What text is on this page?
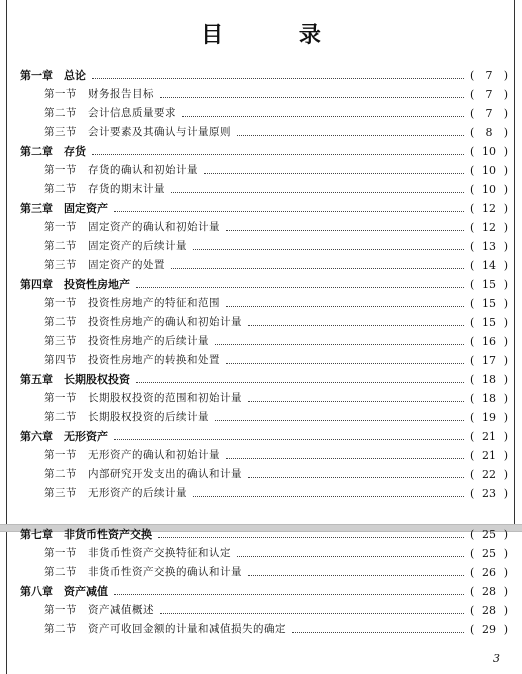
目 录
第一章　总论	(	7	)
第一节　财务报告目标	(	7	)
第二节　会计信息质量要求	(	7	)
第三节　会计要素及其确认与计量原则	(	8	)
第二章　存货	( 10 )
第一节　存货的确认和初始计量	( 10 )
第二节　存货的期末计量	( 10 )
第三章　固定资产	( 12 )
第一节　固定资产的确认和初始计量	( 12 )
第二节　固定资产的后续计量	( 13 )
第三节　固定资产的处置	( 14 )
第四章　投资性房地产	( 15 )
第一节　投资性房地产的特征和范围	( 15 )
第二节　投资性房地产的确认和初始计量	( 15 )
第三节　投资性房地产的后续计量	( 16 )
第四节　投资性房地产的转换和处置	( 17 )
第五章　长期股权投资	( 18 )
第一节　长期股权投资的范围和初始计量	( 18 )
第二节　长期股权投资的后续计量	( 19 )
第六章　无形资产	( 21 )
第一节　无形资产的确认和初始计量	( 21 )
第二节　内部研究开发支出的确认和计量	( 22 )
第三节　无形资产的后续计量	( 23 )
第七章　非货币性资产交换	( 25 )
第一节　非货币性资产交换特征和认定	( 25 )
第二节　非货币性资产交换的确认和计量	( 26 )
第八章　资产减值	( 28 )
第一节　资产减值概述	( 28 )
第二节　资产可收回金额的计量和减值损失的确定	( 29 )
3
